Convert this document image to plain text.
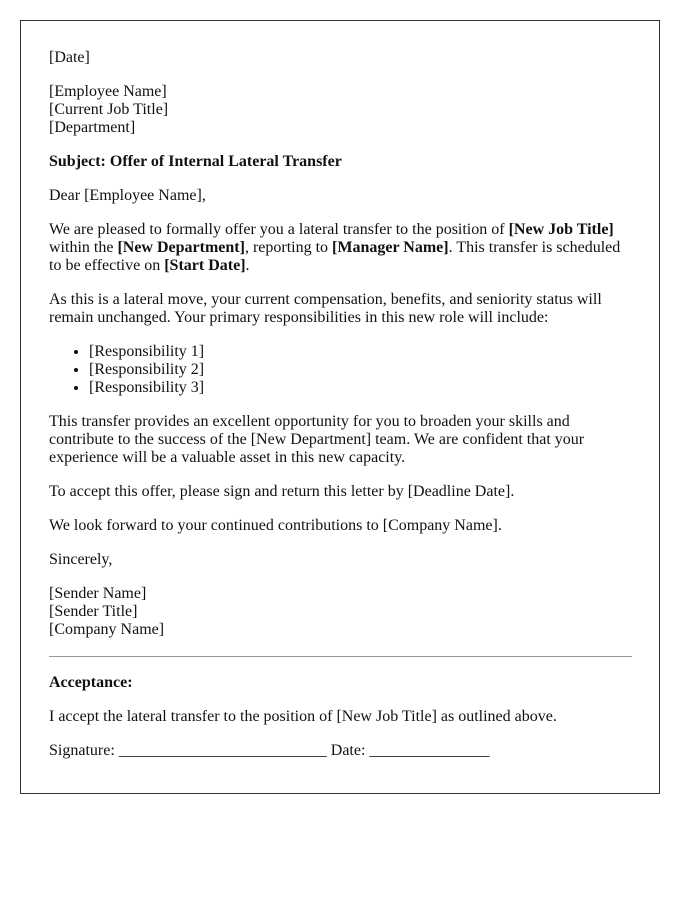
[Date]

[Employee Name]

[Current Job Title]

[Department]

Subject: Offer of Internal Lateral Transfer

Dear [Employee Name],

We are pleased to formally offer you a lateral transfer to the position of [New Job Title] within the [New Department], reporting to [Manager Name]. This transfer is scheduled to be effective on [Start Date].

As this is a lateral move, your current compensation, benefits, and seniority status will remain unchanged. Your primary responsibilities in this new role will include:

• [Responsibility 1]
• [Responsibility 2]
• [Responsibility 3]

This transfer provides an excellent opportunity for you to broaden your skills and contribute to the success of the [New Department] team. We are confident that your experience will be a valuable asset in this new capacity.

To accept this offer, please sign and return this letter by [Deadline Date].

We look forward to your continued contributions to [Company Name].

Sincerely,

[Sender Name]

[Sender Title]

[Company Name]

Acceptance:

I accept the lateral transfer to the position of [New Job Title] as outlined above.

Signature: __________________________ Date: _______________
